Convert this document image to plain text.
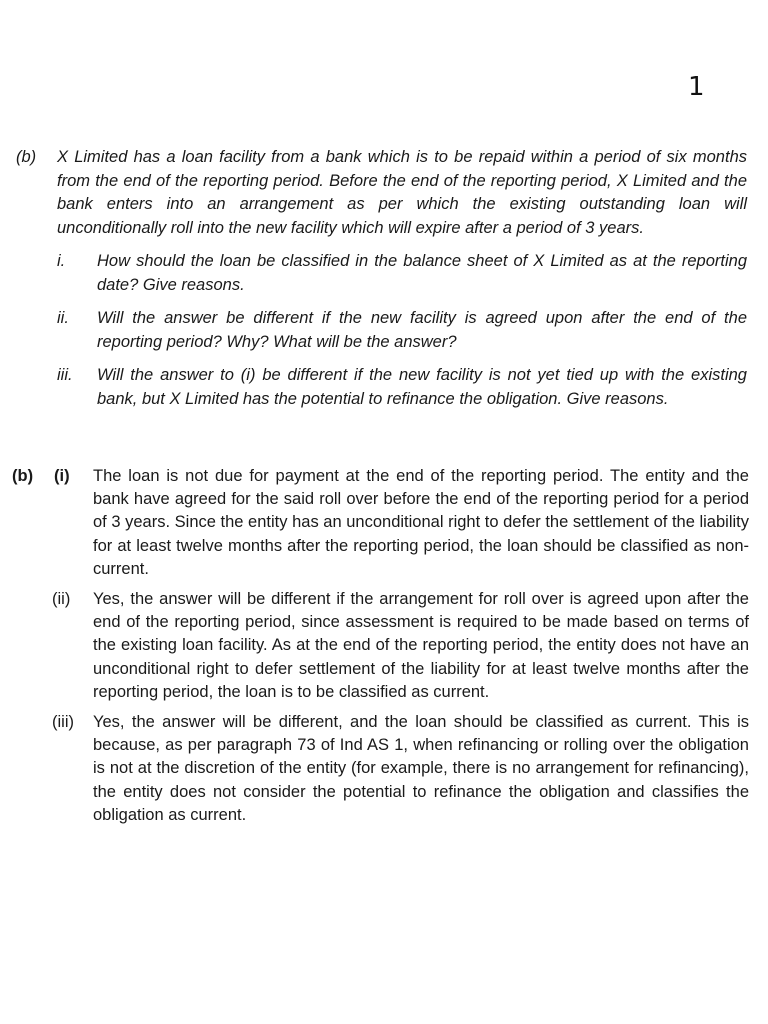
1
(b) X Limited has a loan facility from a bank which is to be repaid within a period of six months from the end of the reporting period. Before the end of the reporting period, X Limited and the bank enters into an arrangement as per which the existing outstanding loan will unconditionally roll into the new facility which will expire after a period of 3 years.
i. How should the loan be classified in the balance sheet of X Limited as at the reporting date? Give reasons.
ii. Will the answer be different if the new facility is agreed upon after the end of the reporting period? Why? What will be the answer?
iii. Will the answer to (i) be different if the new facility is not yet tied up with the existing bank, but X Limited has the potential to refinance the obligation. Give reasons.
(b) (i) The loan is not due for payment at the end of the reporting period. The entity and the bank have agreed for the said roll over before the end of the reporting period for a period of 3 years. Since the entity has an unconditional right to defer the settlement of the liability for at least twelve months after the reporting period, the loan should be classified as non-current.
(ii) Yes, the answer will be different if the arrangement for roll over is agreed upon after the end of the reporting period, since assessment is required to be made based on terms of the existing loan facility. As at the end of the reporting period, the entity does not have an unconditional right to defer settlement of the liability for at least twelve months after the reporting period, the loan is to be classified as current.
(iii) Yes, the answer will be different, and the loan should be classified as current. This is because, as per paragraph 73 of Ind AS 1, when refinancing or rolling over the obligation is not at the discretion of the entity (for example, there is no arrangement for refinancing), the entity does not consider the potential to refinance the obligation and classifies the obligation as current.
